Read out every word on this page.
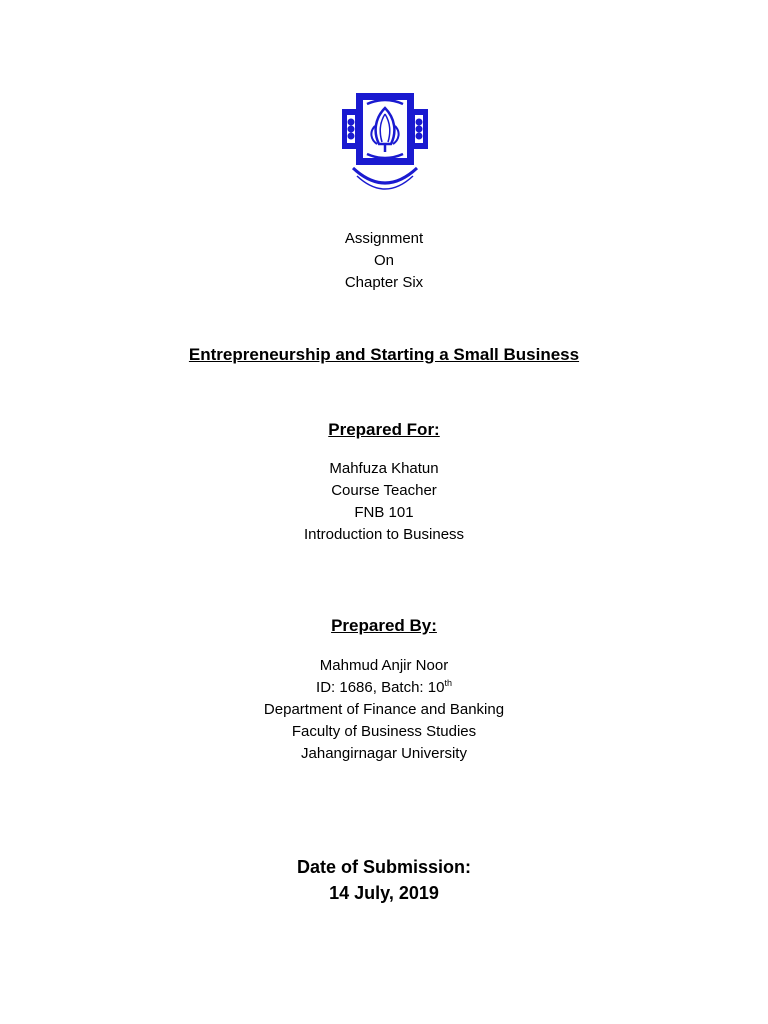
Assignment
On
Chapter Six
Entrepreneurship and Starting a Small Business
Prepared For:
Mahfuza Khatun
Course Teacher
FNB 101
Introduction to Business
Prepared By:
Mahmud Anjir Noor
ID: 1686, Batch: 10th
Department of Finance and Banking
Faculty of Business Studies
Jahangirnagar University
Date of Submission:
14 July, 2019
